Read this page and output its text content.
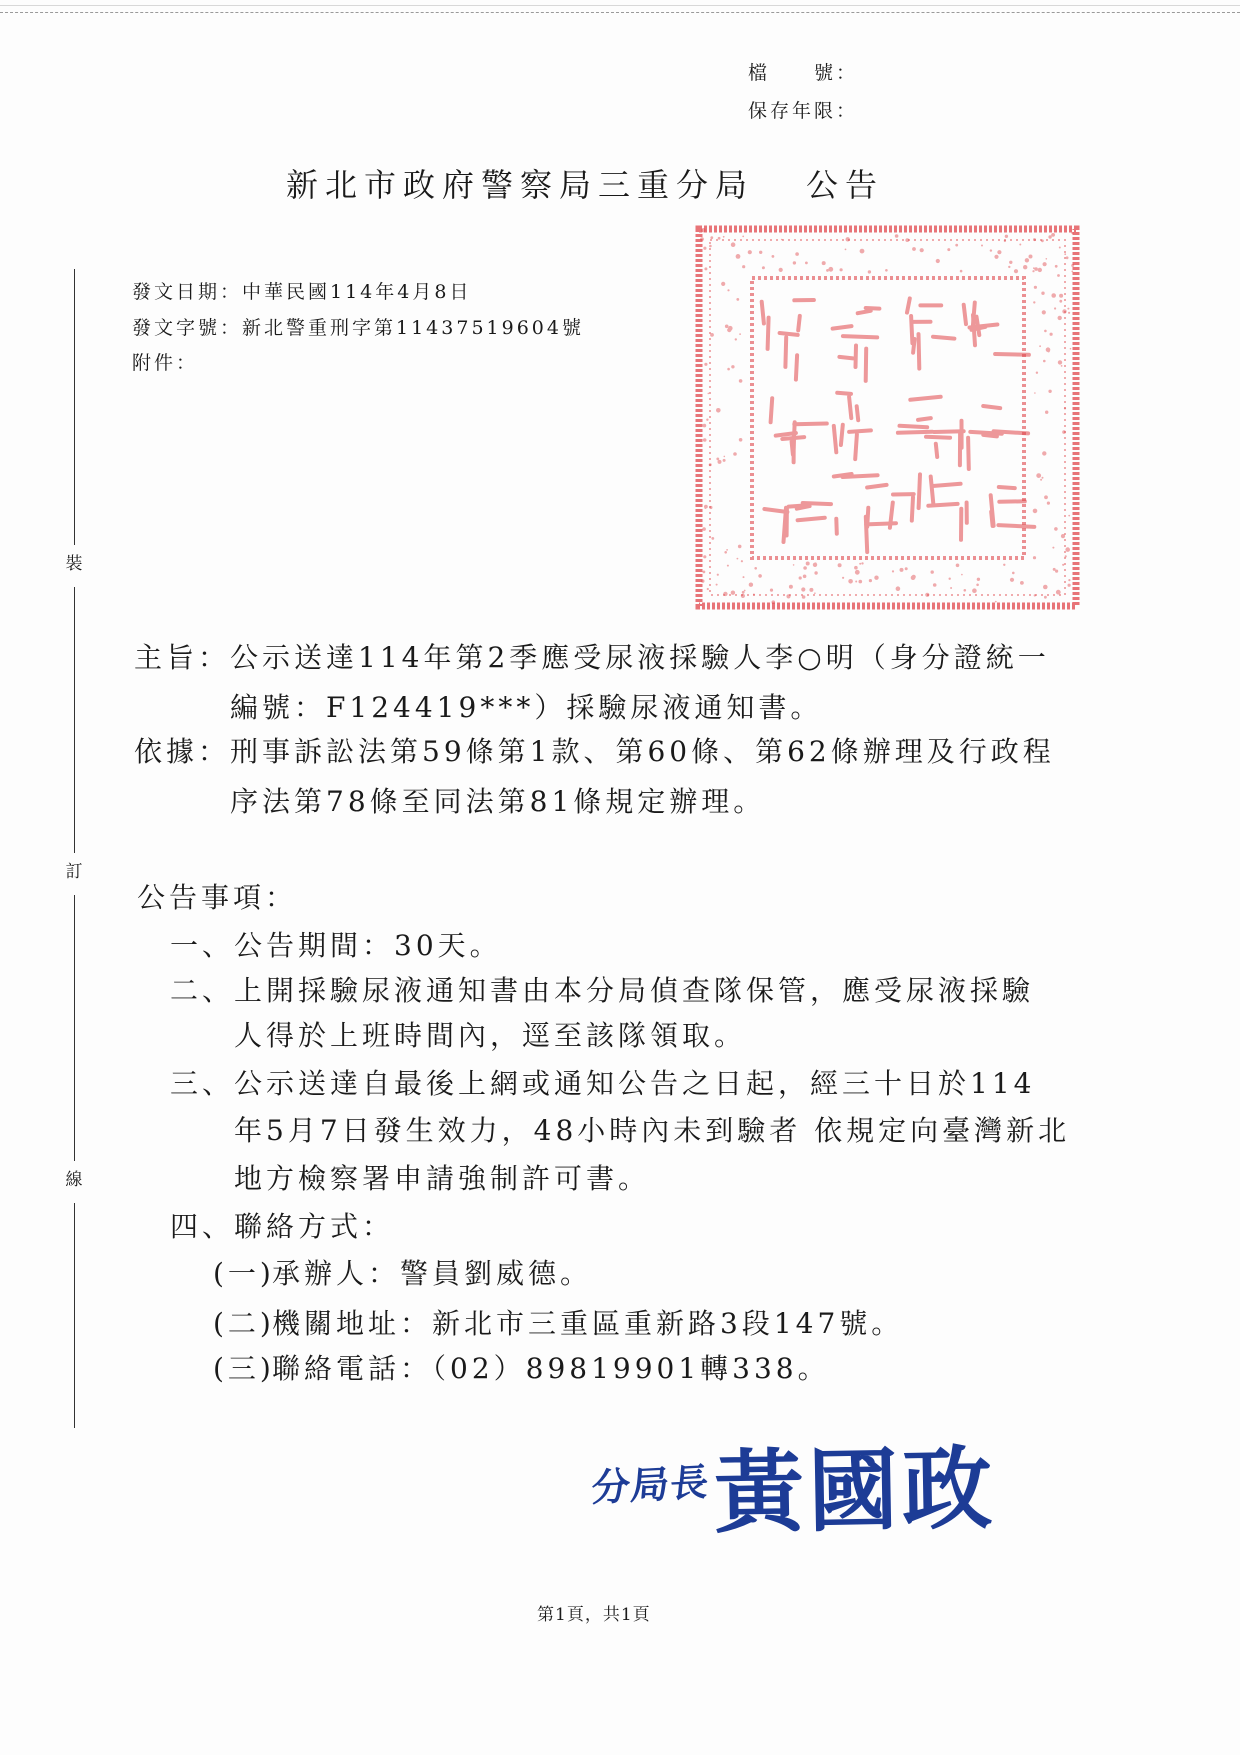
檔　　號：
保存年限：
新北市政府警察局三重分局 公告
發文日期：中華民國114年4月8日
發文字號：新北警重刑字第11437519604號
附件：
裝
訂
線
主旨： 公示送達114年第2季應受尿液採驗人李○明（身分證統一
編號：F124419***）採驗尿液通知書。
依據： 刑事訴訟法第59條第1款、第60條、第62條辦理及行政程
序法第78條至同法第81條規定辦理。
公告事項：
一、 公告期間：30天。
二、 上開採驗尿液通知書由本分局偵查隊保管，應受尿液採驗
人得於上班時間內，逕至該隊領取。
三、 公示送達自最後上網或通知公告之日起，經三十日於114
年5月7日發生效力，48小時內未到驗者 依規定向臺灣新北
地方檢察署申請強制許可書。
四、 聯絡方式：
(一)
承辦人：警員劉威德。
(二)
機關地址：新北市三重區重新路3段147號。
(三)
聯絡電話：（02）89819901轉338。
分局長 黃國政
第1頁，共1頁
